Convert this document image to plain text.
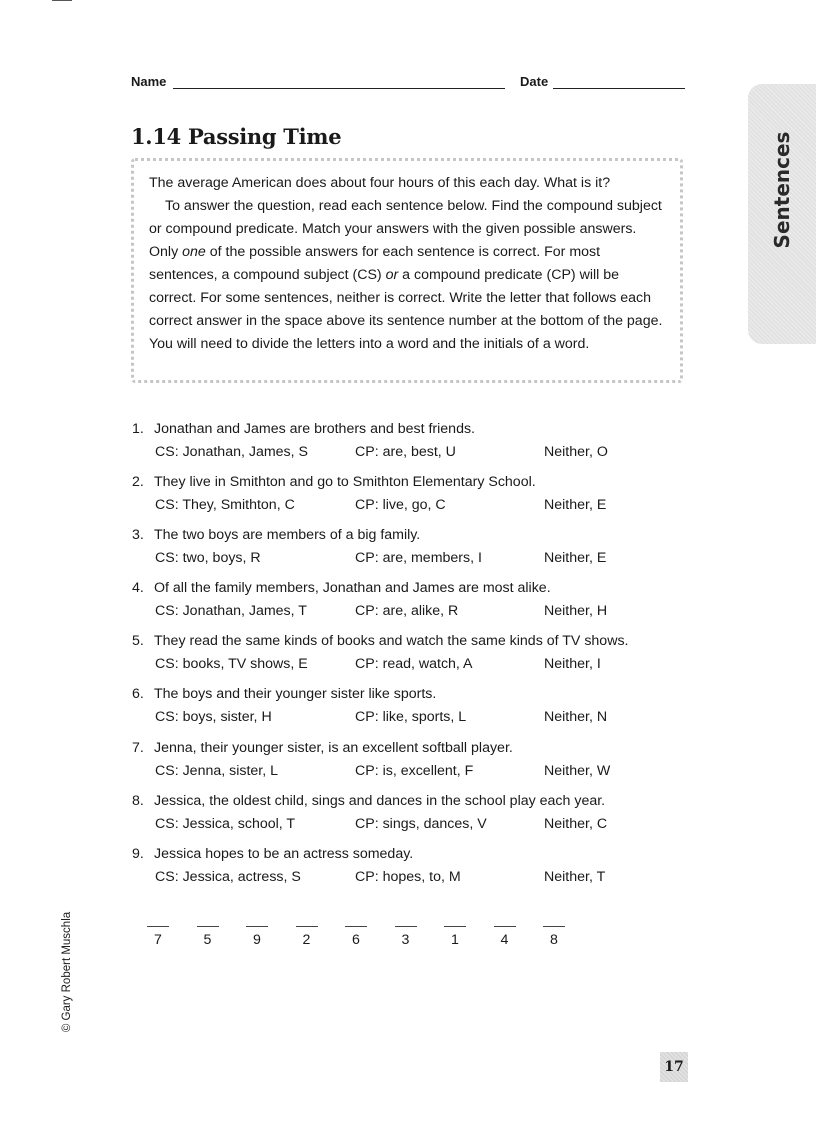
Name	Date
1.14 Passing Time

The average American does about four hours of this each day. What is it?
To answer the question, read each sentence below. Find the compound subject or compound predicate. Match your answers with the given possible answers. Only one of the possible answers for each sentence is correct. For most sentences, a compound subject (CS) or a compound predicate (CP) will be correct. For some sentences, neither is correct. Write the letter that follows each correct answer in the space above its sentence number at the bottom of the page. You will need to divide the letters into a word and the initials of a word.

1. Jonathan and James are brothers and best friends.
CS: Jonathan, James, S	CP: are, best, U	Neither, O
2. They live in Smithton and go to Smithton Elementary School.
CS: They, Smithton, C	CP: live, go, C	Neither, E
3. The two boys are members of a big family.
CS: two, boys, R	CP: are, members, I	Neither, E
4. Of all the family members, Jonathan and James are most alike.
CS: Jonathan, James, T	CP: are, alike, R	Neither, H
5. They read the same kinds of books and watch the same kinds of TV shows.
CS: books, TV shows, E	CP: read, watch, A	Neither, I
6. The boys and their younger sister like sports.
CS: boys, sister, H	CP: like, sports, L	Neither, N
7. Jenna, their younger sister, is an excellent softball player.
CS: Jenna, sister, L	CP: is, excellent, F	Neither, W
8. Jessica, the oldest child, sings and dances in the school play each year.
CS: Jessica, school, T	CP: sings, dances, V	Neither, C
9. Jessica hopes to be an actress someday.
CS: Jessica, actress, S	CP: hopes, to, M	Neither, T
7	5	9	2	6	3	1	4	8
Sentences
© Gary Robert Muschla
17
